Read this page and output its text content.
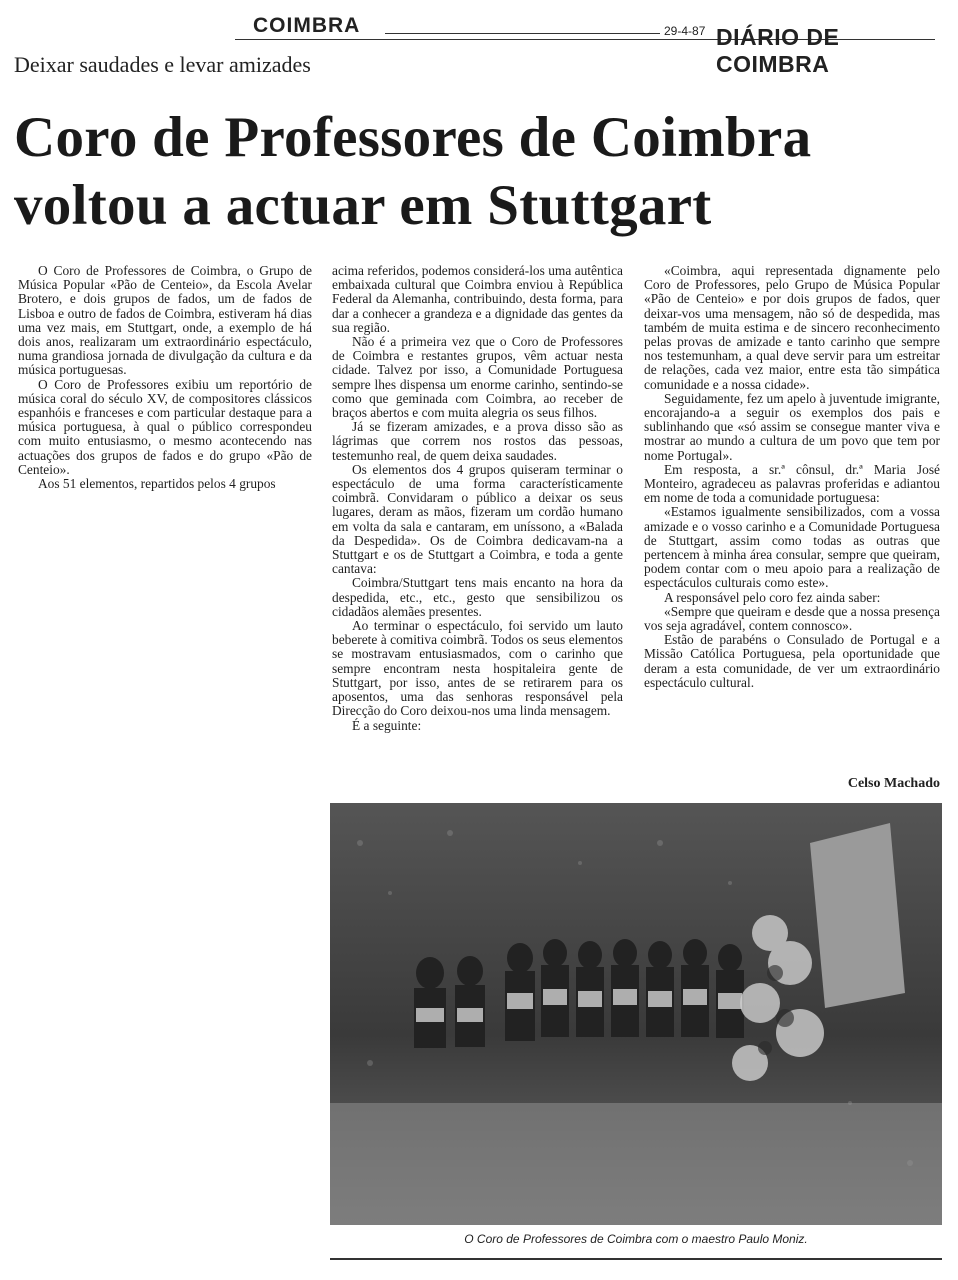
COIMBRA	29-4-87 DIÁRIO DE COIMBRA
Deixar saudades e levar amizades
Coro de Professores de Coimbra voltou a actuar em Stuttgart

O Coro de Professores de Coimbra, o Grupo de Música Popular «Pão de Centeio», da Escola Avelar Brotero, e dois grupos de fados, um de fados de Lisboa e outro de fados de Coimbra, estiveram há dias uma vez mais, em Stuttgart, onde, a exemplo de há dois anos, realizaram um extraordinário espectáculo, numa grandiosa jornada de divulgação da cultura e da música portuguesas.

O Coro de Professores exibiu um reportório de música coral do século XV, de compositores clássicos espanhóis e franceses e com particular destaque para a música portuguesa, à qual o público correspondeu com muito entusiasmo, o mesmo acontecendo nas actuações dos grupos de fados e do grupo «Pão de Centeio».

Aos 51 elementos, repartidos pelos 4 grupos

acima referidos, podemos considerá-los uma autêntica embaixada cultural que Coimbra enviou à República Federal da Alemanha, contribuindo, desta forma, para dar a conhecer a grandeza e a dignidade das gentes da sua região.

Não é a primeira vez que o Coro de Professores de Coimbra e restantes grupos, vêm actuar nesta cidade. Talvez por isso, a Comunidade Portuguesa sempre lhes dispensa um enorme carinho, sentindo-se como que geminada com Coimbra, ao receber de braços abertos e com muita alegria os seus filhos.

Já se fizeram amizades, e a prova disso são as lágrimas que correm nos rostos das pessoas, testemunho real, de quem deixa saudades.

Os elementos dos 4 grupos quiseram terminar o espectáculo de uma forma característicamente coimbrã. Convidaram o público a deixar os seus lugares, deram as mãos, fizeram um cordão humano em volta da sala e cantaram, em uníssono, a «Balada da Despedida». Os de Coimbra dedicavam-na a Stuttgart e os de Stuttgart a Coimbra, e toda a gente cantava:

Coimbra/Stuttgart tens mais encanto na hora da despedida, etc., etc., gesto que sensibilizou os cidadãos alemães presentes.

Ao terminar o espectáculo, foi servido um lauto beberete à comitiva coimbrã. Todos os seus elementos se mostravam entusiasmados, com o carinho que sempre encontram nesta hospitaleira gente de Stuttgart, por isso, antes de se retirarem para os aposentos, uma das senhoras responsável pela Direcção do Coro deixou-nos uma linda mensagem.

É a seguinte:

«Coimbra, aqui representada dignamente pelo Coro de Professores, pelo Grupo de Música Popular «Pão de Centeio» e por dois grupos de fados, quer deixar-vos uma mensagem, não só de despedida, mas também de muita estima e de sincero reconhecimento pelas provas de amizade e tanto carinho que sempre nos testemunham, a qual deve servir para um estreitar de relações, cada vez maior, entre esta tão simpática comunidade e a nossa cidade».

Seguidamente, fez um apelo à juventude imigrante, encorajando-a a seguir os exemplos dos pais e sublinhando que «só assim se consegue manter viva e mostrar ao mundo a cultura de um povo que tem por nome Portugal».

Em resposta, a sr.ª cônsul, dr.ª Maria José Monteiro, agradeceu as palavras proferidas e adiantou em nome de toda a comunidade portuguesa:

«Estamos igualmente sensibilizados, com a vossa amizade e o vosso carinho e a Comunidade Portuguesa de Stuttgart, assim como todas as outras que pertencem à minha área consular, sempre que queiram, podem contar com o meu apoio para a realização de espectáculos culturais como este».

A responsável pelo coro fez ainda saber:

«Sempre que queiram e desde que a nossa presença vos seja agradável, contem connosco».

Estão de parabéns o Consulado de Portugal e a Missão Católica Portuguesa, pela oportunidade que deram a esta comunidade, de ver um extraordinário espectáculo cultural.

Celso Machado
O Coro de Professores de Coimbra com o maestro Paulo Moniz.
